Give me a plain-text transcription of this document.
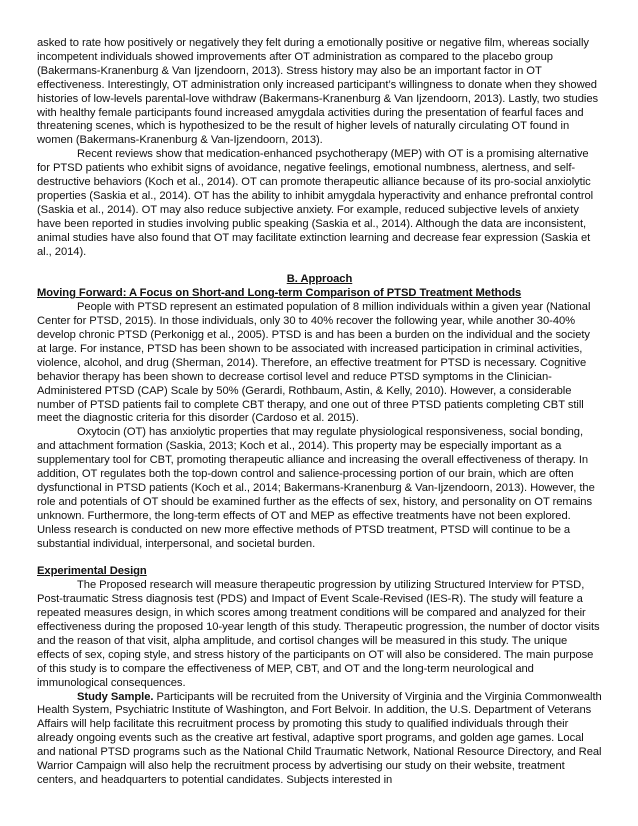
asked to rate how positively or negatively they felt during a emotionally positive or negative film, whereas socially incompetent individuals showed improvements after OT administration as compared to the placebo group (Bakermans-Kranenburg & Van Ijzendoorn, 2013). Stress history may also be an important factor in OT effectiveness. Interestingly, OT administration only increased participant’s willingness to donate when they showed histories of low-levels parental-love withdraw (Bakermans-Kranenburg & Van Ijzendoorn, 2013). Lastly, two studies with healthy female participants found increased amygdala activities during the presentation of fearful faces and threatening scenes, which is hypothesized to be the result of higher levels of naturally circulating OT found in women (Bakermans-Kranenburg & Van-Ijzendoorn, 2013).

Recent reviews show that medication-enhanced psychotherapy (MEP) with OT is a promising alternative for PTSD patients who exhibit signs of avoidance, negative feelings, emotional numbness, alertness, and self-destructive behaviors (Koch et al., 2014). OT can promote therapeutic alliance because of its pro-social anxiolytic properties (Saskia et al., 2014). OT has the ability to inhibit amygdala hyperactivity and enhance prefrontal control (Saskia et al., 2014). OT may also reduce subjective anxiety. For example, reduced subjective levels of anxiety have been reported in studies involving public speaking (Saskia et al., 2014). Although the data are inconsistent, animal studies have also found that OT may facilitate extinction learning and decrease fear expression (Saskia et al., 2014).

B. Approach

Moving Forward: A Focus on Short-and Long-term Comparison of PTSD Treatment Methods

People with PTSD represent an estimated population of 8 million individuals within a given year (National Center for PTSD, 2015). In those individuals, only 30 to 40% recover the following year, while another 30-40% develop chronic PTSD (Perkonigg et al., 2005). PTSD is and has been a burden on the individual and the society at large. For instance, PTSD has been shown to be associated with increased participation in criminal activities, violence, alcohol, and drug (Sherman, 2014). Therefore, an effective treatment for PTSD is necessary. Cognitive behavior therapy has been shown to decrease cortisol level and reduce PTSD symptoms in the Clinician-Administered PTSD (CAP) Scale by 50% (Gerardi, Rothbaum, Astin, & Kelly, 2010). However, a considerable number of PTSD patients fail to complete CBT therapy, and one out of three PTSD patients completing CBT still meet the diagnostic criteria for this disorder (Cardoso et al. 2015).

Oxytocin (OT) has anxiolytic properties that may regulate physiological responsiveness, social bonding, and attachment formation (Saskia, 2013; Koch et al., 2014). This property may be especially important as a supplementary tool for CBT, promoting therapeutic alliance and increasing the overall effectiveness of therapy. In addition, OT regulates both the top-down control and salience-processing portion of our brain, which are often dysfunctional in PTSD patients (Koch et al., 2014; Bakermans-Kranenburg & Van-Ijzendoorn, 2013). However, the role and potentials of OT should be examined further as the effects of sex, history, and personality on OT remains unknown. Furthermore, the long-term effects of OT and MEP as effective treatments have not been explored. Unless research is conducted on new more effective methods of PTSD treatment, PTSD will continue to be a substantial individual, interpersonal, and societal burden.

Experimental Design

The Proposed research will measure therapeutic progression by utilizing Structured Interview for PTSD, Post-traumatic Stress diagnosis test (PDS) and Impact of Event Scale-Revised (IES-R). The study will feature a repeated measures design, in which scores among treatment conditions will be compared and analyzed for their effectiveness during the proposed 10-year length of this study. Therapeutic progression, the number of doctor visits and the reason of that visit, alpha amplitude, and cortisol changes will be measured in this study. The unique effects of sex, coping style, and stress history of the participants on OT will also be considered. The main purpose of this study is to compare the effectiveness of MEP, CBT, and OT and the long-term neurological and immunological consequences.

Study Sample. Participants will be recruited from the University of Virginia and the Virginia Commonwealth Health System, Psychiatric Institute of Washington, and Fort Belvoir. In addition, the U.S. Department of Veterans Affairs will help facilitate this recruitment process by promoting this study to qualified individuals through their already ongoing events such as the creative art festival, adaptive sport programs, and golden age games. Local and national PTSD programs such as the National Child Traumatic Network, National Resource Directory, and Real Warrior Campaign will also help the recruitment process by advertising our study on their website, treatment centers, and headquarters to potential candidates. Subjects interested in
